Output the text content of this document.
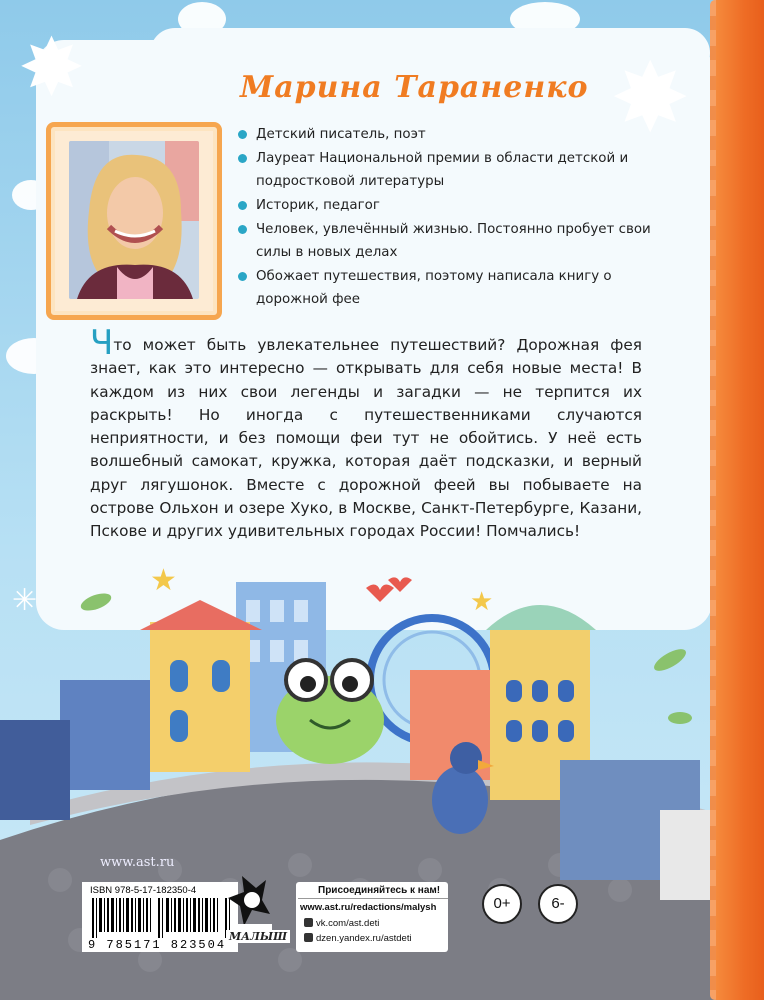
✸	✸
Марина Тараненко
Детский писатель, поэт
Лауреат Национальной премии в области детской и подростковой литературы
Историк, педагог
Человек, увлечённый жизнью. Постоянно пробует свои силы в новых делах
Обожает путешествия, поэтому написала книгу о дорожной фее
Что может быть увлекательнее путешествий? Дорожная фея знает, как это интересно — открывать для себя новые места! В каждом из них свои легенды и загадки — не терпится их раскрыть! Но иногда с путешественниками случаются неприятности, и без помощи феи тут не обойтись. У неё есть волшебный самокат, кружка, которая даёт подсказки, и верный друг лягушонок. Вместе с дорожной феей вы побываете на острове Ольхон и озере Хуко, в Москве, Санкт-Петербурге, Казани, Пскове и других удивительных городах России! Помчались!
★
★
✳
www.ast.ru
ISBN 978-5-17-182350-4
9 785171 823504
МАЛЫШ
Присоединяйтесь к нам!
www.ast.ru/redactions/malysh
vk.com/ast.deti
dzen.yandex.ru/astdeti
0+	6-
